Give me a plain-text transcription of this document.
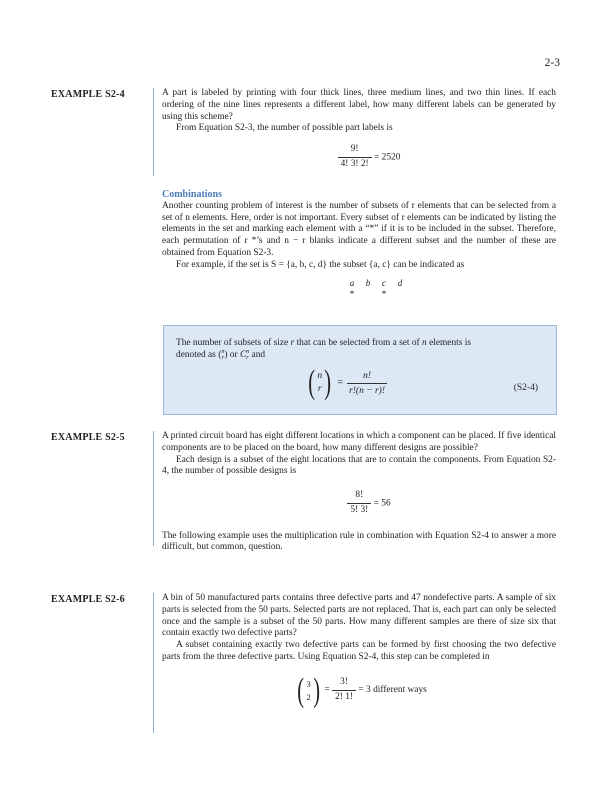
2-3
EXAMPLE S2-4	A part is labeled by printing with four thick lines, three medium lines, and two thin lines. If each ordering of the nine lines represents a different label, how many different labels can be generated by using this scheme?

From Equation S2-3, the number of possible part labels is

$\frac{9!}{4! 3! 2!} = 2520$

Combinations

Another counting problem of interest is the number of subsets of r elements that can be selected from a set of n elements. Here, order is not important. Every subset of r elements can be indicated by listing the elements in the set and marking each element with a “*” if it is to be included in the subset. Therefore, each permutation of r *’s and n − r blanks indicate a different subset and the number of these are obtained from Equation S2-3.

For example, if the set is S = {a, b, c, d} the subset {a, c} can be indicated as

a b c d
*	*
The number of subsets of size r that can be selected from a set of n elements is
denoted as (n
r) or Cn
r and
( n
$r) = \frac{n!}{r!(n - r)!}$	(S2-4)
EXAMPLE S2-5	A printed circuit board has eight different locations in which a component can be placed. If five identical components are to be placed on the board, how many different designs are possible?

Each design is a subset of the eight locations that are to contain the components. From Equation S2-4, the number of possible designs is

$\frac{8!}{5! 3!} = 56$

The following example uses the multiplication rule in combination with Equation S2-4 to answer a more difficult, but common, question.

EXAMPLE S2-6	A bin of 50 manufactured parts contains three defective parts and 47 nondefective parts. A sample of six parts is selected from the 50 parts. Selected parts are not replaced. That is, each part can only be selected once and the sample is a subset of the 50 parts. How many different samples are there of size six that contain exactly two defective parts?

A subset containing exactly two defective parts can be formed by first choosing the two defective parts from the three defective parts. Using Equation S2-4, this step can be completed in

( 3
$2) = \frac{3!}{2! 1!} = 3$ different ways
